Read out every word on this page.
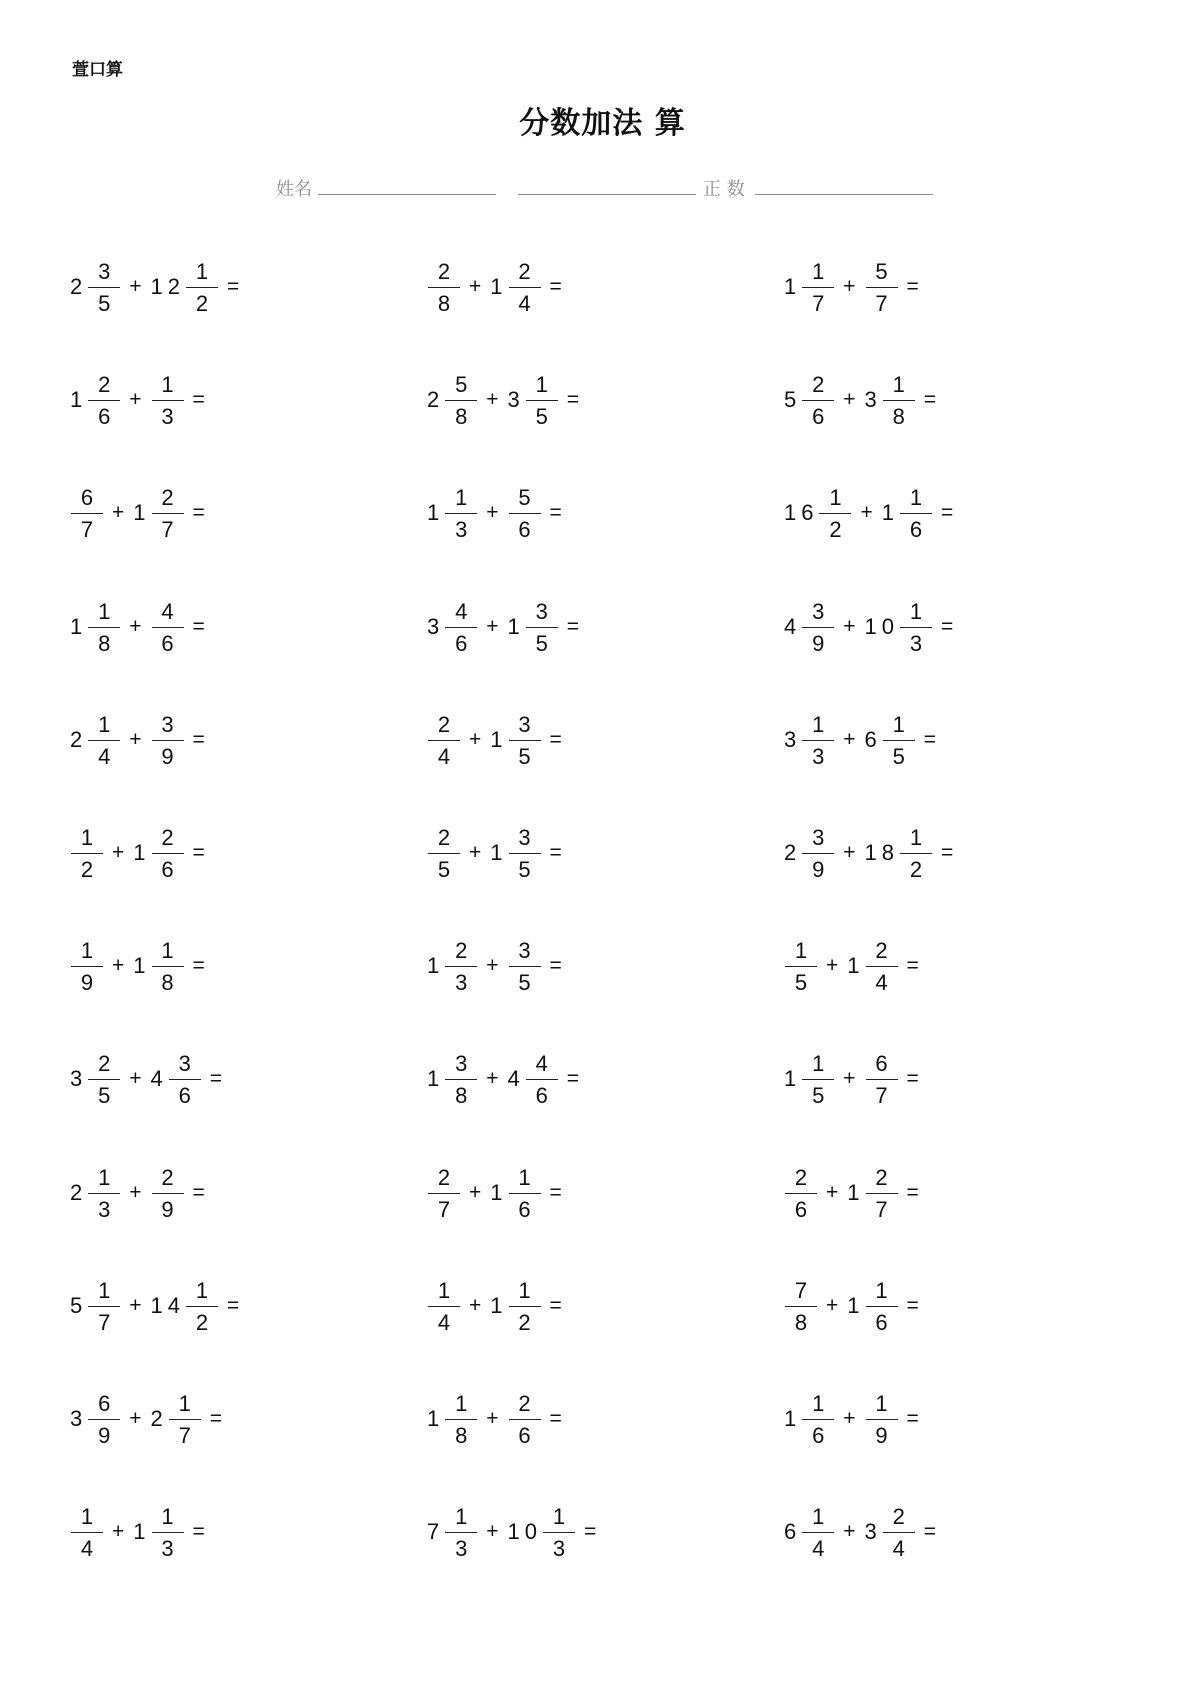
萱口算
分数加法 算
姓名	正 数
$2 \frac{3}{5} + 12 \frac{1}{2}$ =	$\frac{2}{8} + 1 \frac{2}{4}$ =	$1 \frac{1}{7} + \frac{5}{7}$ =
$1 \frac{2}{6} + \frac{1}{3}$ =	$2 \frac{5}{8} + 3 \frac{1}{5}$ =	$5 \frac{2}{6} + 3 \frac{1}{8}$ =
$\frac{6}{7} + 1 \frac{2}{7}$ =	$1 \frac{1}{3} + \frac{5}{6}$ =	$16 \frac{1}{2} + 1 \frac{1}{6}$ =
$1 \frac{1}{8} + \frac{4}{6}$ =	$3 \frac{4}{6} + 1 \frac{3}{5}$ =	$4 \frac{3}{9} + 10 \frac{1}{3}$ =
$2 \frac{1}{4} + \frac{3}{9}$ =	$\frac{2}{4} + 1 \frac{3}{5}$ =	$3 \frac{1}{3} + 6 \frac{1}{5}$ =
$\frac{1}{2} + 1 \frac{2}{6}$ =	$\frac{2}{5} + 1 \frac{3}{5}$ =	$2 \frac{3}{9} + 18 \frac{1}{2}$ =
$\frac{1}{9} + 1 \frac{1}{8}$ =	$1 \frac{2}{3} + \frac{3}{5}$ =	$\frac{1}{5} + 1 \frac{2}{4}$ =
$3 \frac{2}{5} + 4 \frac{3}{6}$ =	$1 \frac{3}{8} + 4 \frac{4}{6}$ =	$1 \frac{1}{5} + \frac{6}{7}$ =
$2 \frac{1}{3} + \frac{2}{9}$ =	$\frac{2}{7} + 1 \frac{1}{6}$ =	$\frac{2}{6} + 1 \frac{2}{7}$ =
$5 \frac{1}{7} + 14 \frac{1}{2}$ =	$\frac{1}{4} + 1 \frac{1}{2}$ =	$\frac{7}{8} + 1 \frac{1}{6}$ =
$3 \frac{6}{9} + 2 \frac{1}{7}$ =	$1 \frac{1}{8} + \frac{2}{6}$ =	$1 \frac{1}{6} + \frac{1}{9}$ =
$\frac{1}{4} + 1 \frac{1}{3}$ =	$7 \frac{1}{3} + 10 \frac{1}{3}$ =	$6 \frac{1}{4} + 3 \frac{2}{4}$ =
